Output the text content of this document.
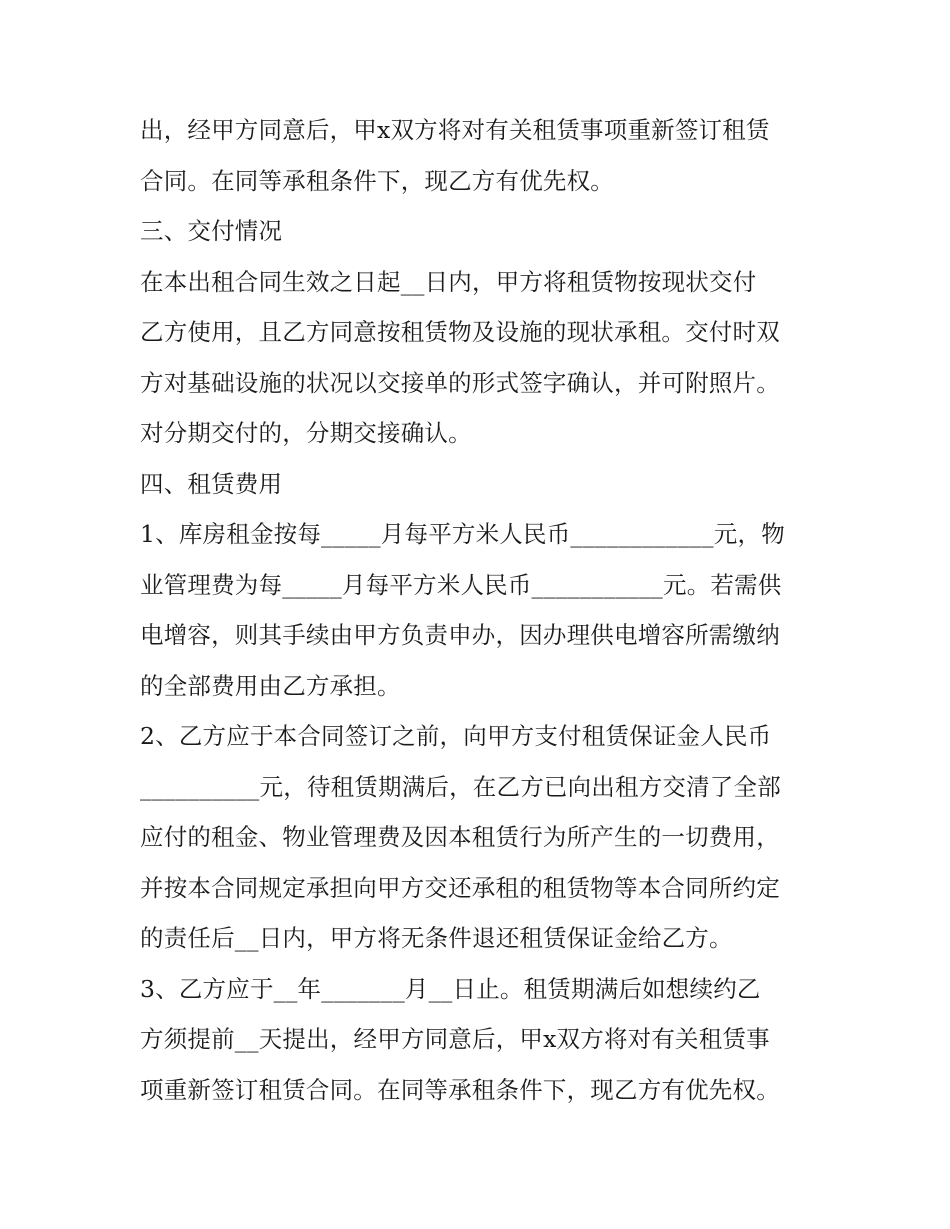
出，经甲方同意后，甲x双方将对有关租赁事项重新签订租赁
合同。在同等承租条件下，现乙方有优先权。
三、交付情况
在本出租合同生效之日起__日内，甲方将租赁物按现状交付
乙方使用，且乙方同意按租赁物及设施的现状承租。交付时双
方对基础设施的状况以交接单的形式签字确认，并可附照片。
对分期交付的，分期交接确认。
四、租赁费用
1、库房租金按每_____月每平方米人民币____________元，物
业管理费为每_____月每平方米人民币___________元。若需供
电增容，则其手续由甲方负责申办，因办理供电增容所需缴纳
的全部费用由乙方承担。
2、乙方应于本合同签订之前，向甲方支付租赁保证金人民币
__________元，待租赁期满后，在乙方已向出租方交清了全部
应付的租金、物业管理费及因本租赁行为所产生的一切费用，
并按本合同规定承担向甲方交还承租的租赁物等本合同所约定
的责任后__日内，甲方将无条件退还租赁保证金给乙方。
3、乙方应于__年_______月__日止。租赁期满后如想续约乙
方须提前__天提出，经甲方同意后，甲x双方将对有关租赁事
项重新签订租赁合同。在同等承租条件下，现乙方有优先权。
